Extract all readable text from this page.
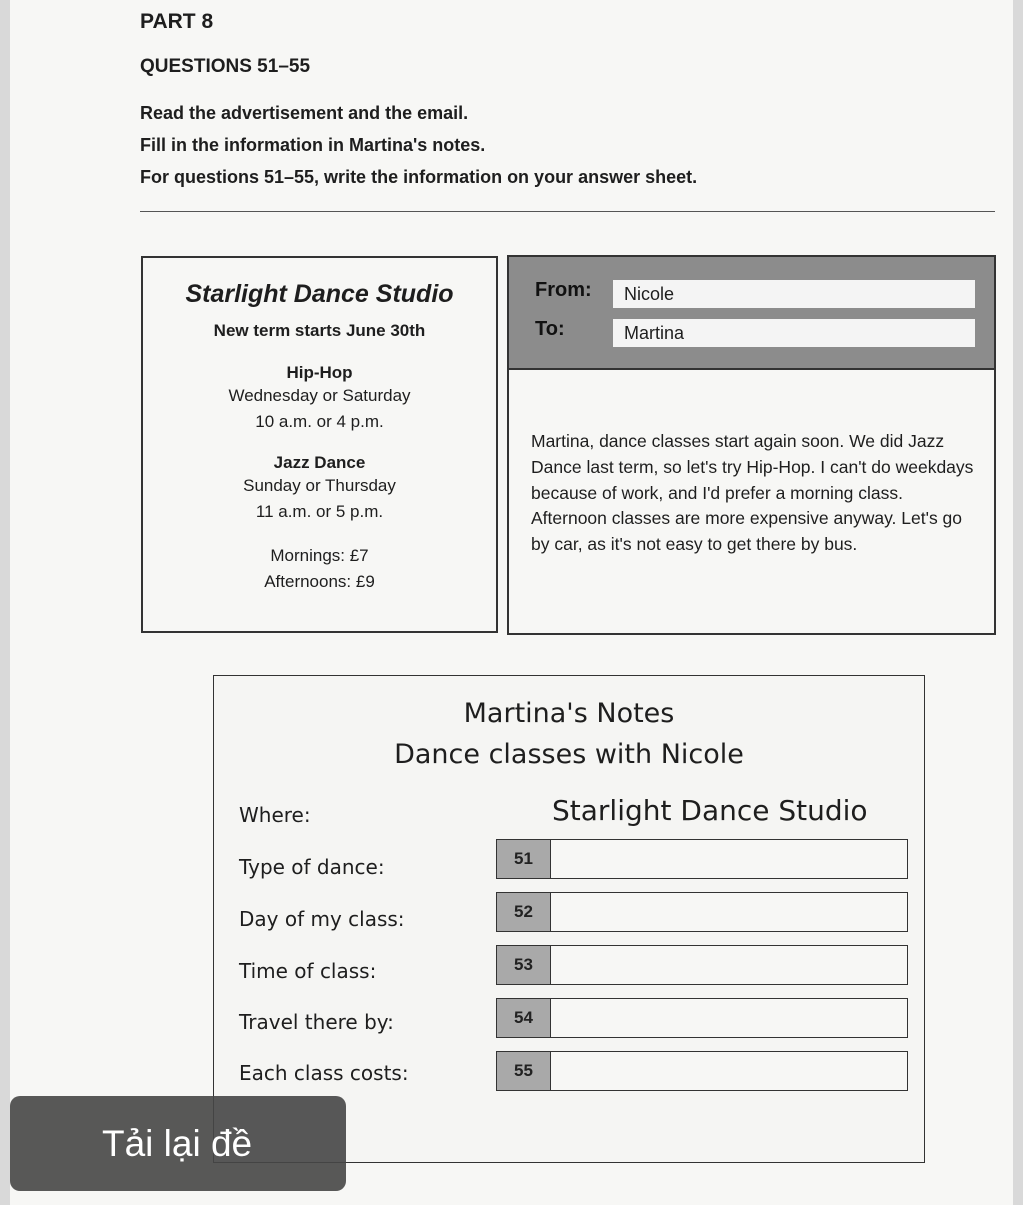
PART 8
QUESTIONS 51–55
Read the advertisement and the email.
Fill in the information in Martina's notes.
For questions 51–55, write the information on your answer sheet.
Starlight Dance Studio
New term starts June 30th
Hip-Hop
Wednesday or Saturday
10 a.m. or 4 p.m.
Jazz Dance
Sunday or Thursday
11 a.m. or 5 p.m.
Mornings: £7
Afternoons: £9
From:	Nicole
To:	Martina
Martina, dance classes start again soon. We did Jazz Dance last term, so let's try Hip-Hop. I can't do weekdays because of work, and I'd prefer a morning class. Afternoon classes are more expensive anyway. Let's go by car, as it's not easy to get there by bus.
Martina's Notes
Dance classes with Nicole
Where:	Starlight Dance Studio
Type of dance:	51
Day of my class:	52
Time of class:	53
Travel there by:	54
Each class costs:	55
Tải lại đề
